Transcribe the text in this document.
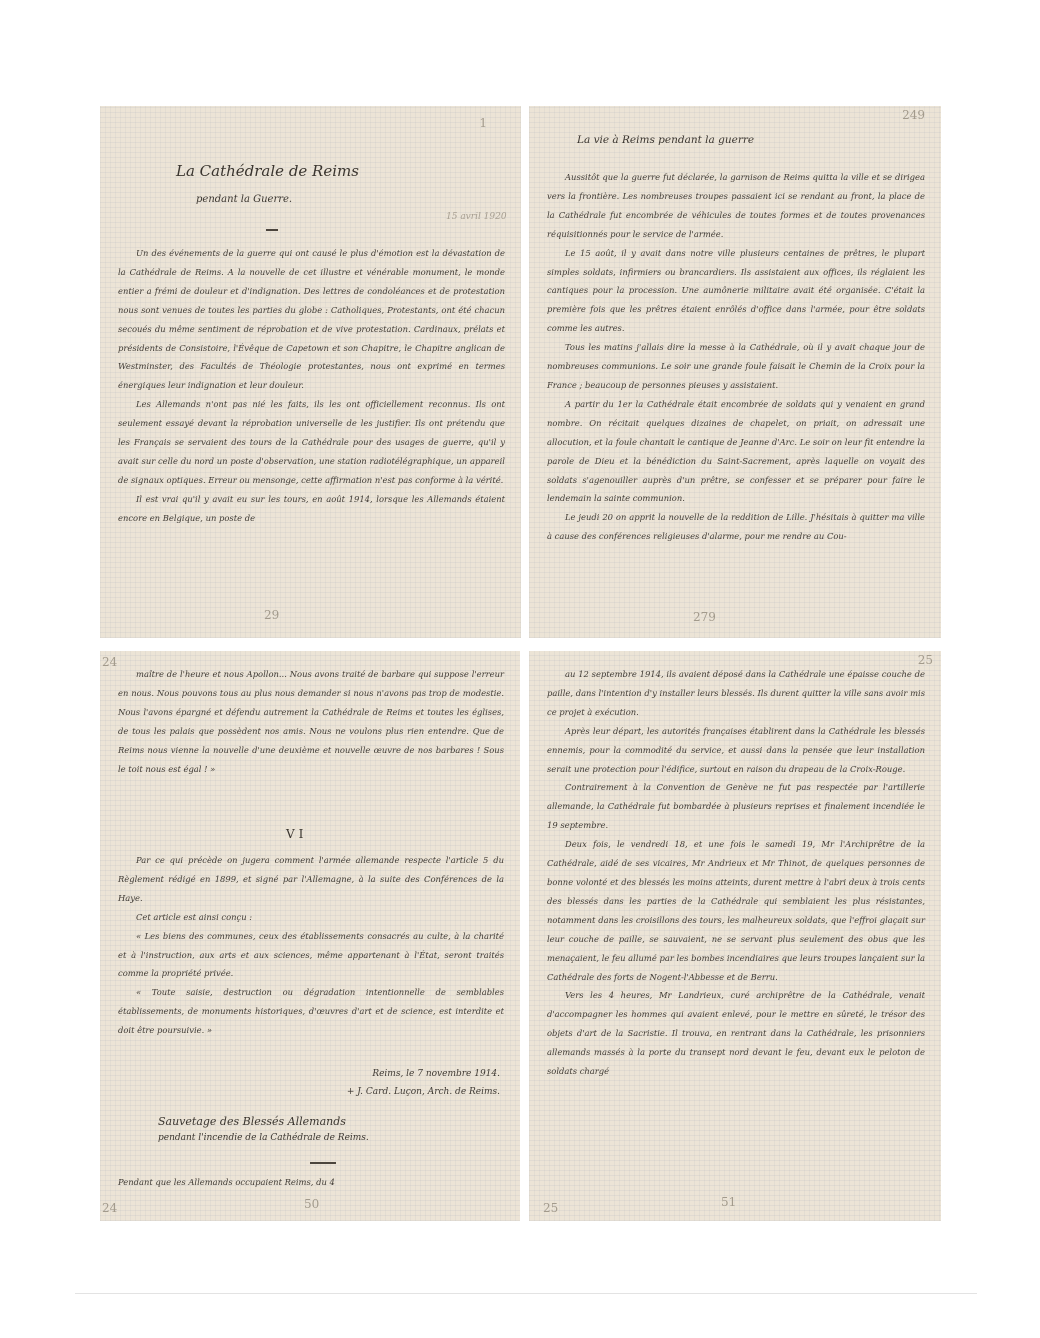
1
La Cathédrale de Reims
pendant la Guerre.
15 avril 1920

Un des événements de la guerre qui ont causé le plus d'émotion est la dévastation de la Cathédrale de Reims. A la nouvelle de cet illustre et vénérable monument, le monde entier a frémi de douleur et d'indignation. Des lettres de condoléances et de protestation nous sont venues de toutes les parties du globe : Catholiques, Protestants, ont été chacun secoués du même sentiment de réprobation et de vive protestation. Cardinaux, prélats et présidents de Consistoire, l'Évêque de Capetown et son Chapitre, le Chapitre anglican de Westminster, des Facultés de Théologie protestantes, nous ont exprimé en termes énergiques leur indignation et leur douleur.

Les Allemands n'ont pas nié les faits, ils les ont officiellement reconnus. Ils ont seulement essayé devant la réprobation universelle de les justifier. Ils ont prétendu que les Français se servaient des tours de la Cathédrale pour des usages de guerre, qu'il y avait sur celle du nord un poste d'observation, une station radiotélégraphique, un appareil de signaux optiques. Erreur ou mensonge, cette affirmation n'est pas conforme à la vérité.

Il est vrai qu'il y avait eu sur les tours, en août 1914, lorsque les Allemands étaient encore en Belgique, un poste de

29
249
La vie à Reims pendant la guerre

Aussitôt que la guerre fut déclarée, la garnison de Reims quitta la ville et se dirigea vers la frontière. Les nombreuses troupes passaient ici se rendant au front, la place de la Cathédrale fut encombrée de véhicules de toutes formes et de toutes provenances réquisitionnés pour le service de l'armée.

Le 15 août, il y avait dans notre ville plusieurs centaines de prêtres, le plupart simples soldats, infirmiers ou brancardiers. Ils assistaient aux offices, ils réglaient les cantiques pour la procession. Une aumônerie militaire avait été organisée. C'était la première fois que les prêtres étaient enrôlés d'office dans l'armée, pour être soldats comme les autres.

Tous les matins j'allais dire la messe à la Cathédrale, où il y avait chaque jour de nombreuses communions. Le soir une grande foule faisait le Chemin de la Croix pour la France ; beaucoup de personnes pieuses y assistaient.

A partir du 1er la Cathédrale était encombrée de soldats qui y venaient en grand nombre. On récitait quelques dizaines de chapelet, on priait, on adressait une allocution, et la foule chantait le cantique de Jeanne d'Arc. Le soir on leur fit entendre la parole de Dieu et la bénédiction du Saint-Sacrement, après laquelle on voyait des soldats s'agenouiller auprès d'un prêtre, se confesser et se préparer pour faire le lendemain la sainte communion.

Le jeudi 20 on apprit la nouvelle de la reddition de Lille. J'hésitais à quitter ma ville à cause des conférences religieuses d'alarme, pour me rendre au Cou-

279
24

maître de l'heure et nous Apollon... Nous avons traité de barbare qui suppose l'erreur en nous. Nous pouvons tous au plus nous demander si nous n'avons pas trop de modestie. Nous l'avons épargné et défendu autrement la Cathédrale de Reims et toutes les églises, de tous les palais que possèdent nos amis. Nous ne voulons plus rien entendre. Que de Reims nous vienne la nouvelle d'une deuxième et nouvelle œuvre de nos barbares ! Sous le toit nous est égal ! »

VI

Par ce qui précède on jugera comment l'armée allemande respecte l'article 5 du Règlement rédigé en 1899, et signé par l'Allemagne, à la suite des Conférences de la Haye.

Cet article est ainsi conçu :

« Les biens des communes, ceux des établissements consacrés au culte, à la charité et à l'instruction, aux arts et aux sciences, même appartenant à l'État, seront traités comme la propriété privée.

« Toute saisie, destruction ou dégradation intentionnelle de semblables établissements, de monuments historiques, d'œuvres d'art et de science, est interdite et doit être poursuivie. »

Reims, le 7 novembre 1914.
+ J. Card. Luçon, Arch. de Reims.
Sauvetage des Blessés Allemands
pendant l'incendie de la Cathédrale de Reims.
Pendant que les Allemands occupaient Reims, du 4
24	50
25

au 12 septembre 1914, ils avaient déposé dans la Cathédrale une épaisse couche de paille, dans l'intention d'y installer leurs blessés. Ils durent quitter la ville sans avoir mis ce projet à exécution.

Après leur départ, les autorités françaises établirent dans la Cathédrale les blessés ennemis, pour la commodité du service, et aussi dans la pensée que leur installation serait une protection pour l'édifice, surtout en raison du drapeau de la Croix-Rouge.

Contrairement à la Convention de Genève ne fut pas respectée par l'artillerie allemande, la Cathédrale fut bombardée à plusieurs reprises et finalement incendiée le 19 septembre.

Deux fois, le vendredi 18, et une fois le samedi 19, Mr l'Archiprêtre de la Cathédrale, aidé de ses vicaires, Mr Andrieux et Mr Thinot, de quelques personnes de bonne volonté et des blessés les moins atteints, durent mettre à l'abri deux à trois cents des blessés dans les parties de la Cathédrale qui semblaient les plus résistantes, notamment dans les croisillons des tours, les malheureux soldats, que l'effroi glaçait sur leur couche de paille, se sauvaient, ne se servant plus seulement des obus que les menaçaient, le feu allumé par les bombes incendiaires que leurs troupes lançaient sur la Cathédrale des forts de Nogent-l'Abbesse et de Berru.

Vers les 4 heures, Mr Landrieux, curé archiprêtre de la Cathédrale, venait d'accompagner les hommes qui avaient enlevé, pour le mettre en sûreté, le trésor des objets d'art de la Sacristie. Il trouva, en rentrant dans la Cathédrale, les prisonniers allemands massés à la porte du transept nord devant le feu, devant eux le peloton de soldats chargé

25	51
